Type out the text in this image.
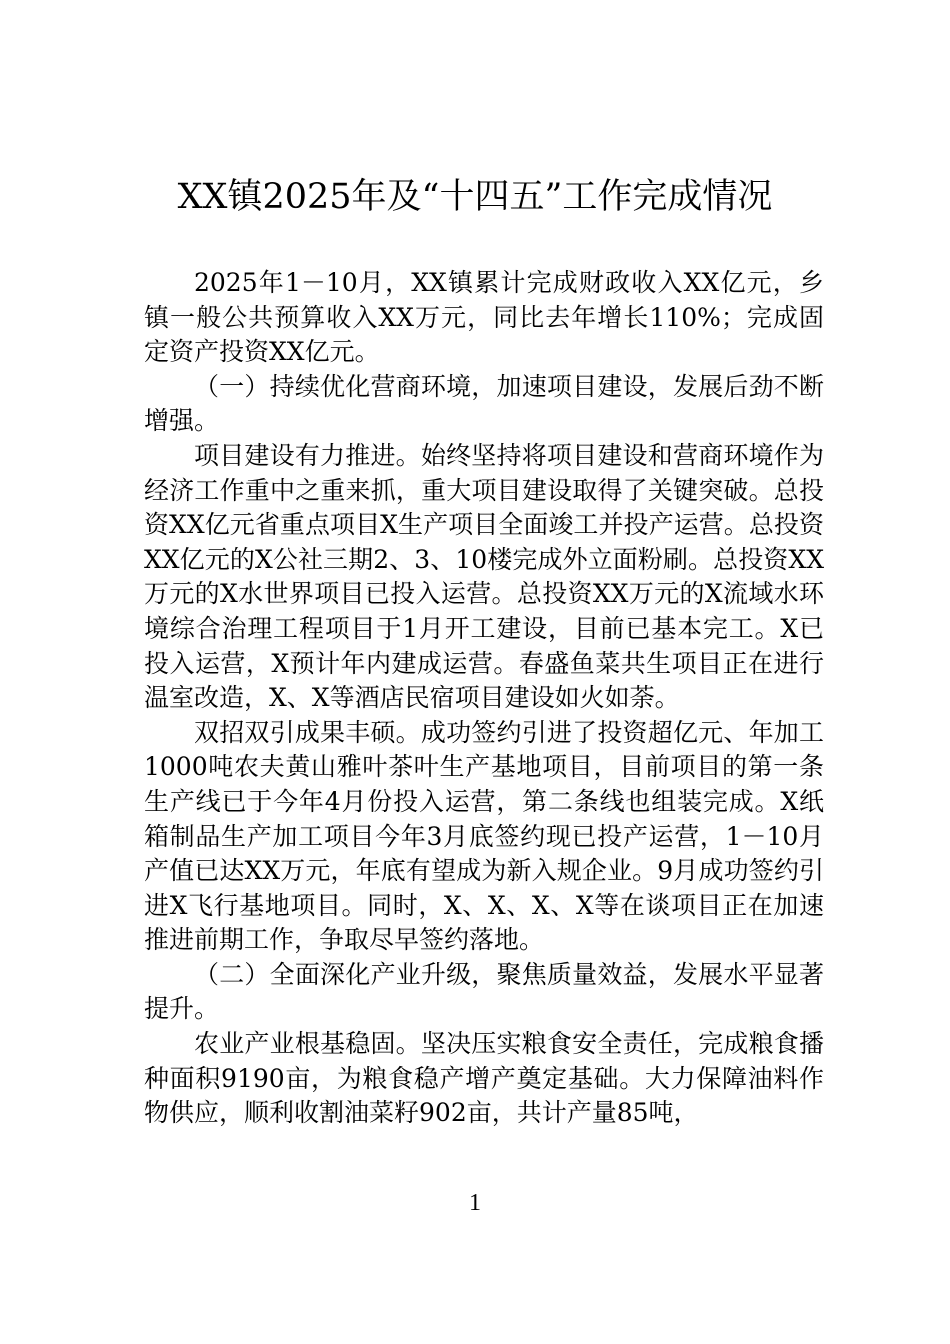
XX镇2025年及“十四五”工作完成情况

2025年1－10月，XX镇累计完成财政收入XX亿元，乡镇一般公共预算收入XX万元，同比去年增长110%；完成固定资产投资XX亿元。

（一）持续优化营商环境，加速项目建设，发展后劲不断增强。

项目建设有力推进。始终坚持将项目建设和营商环境作为经济工作重中之重来抓，重大项目建设取得了关键突破。总投资XX亿元省重点项目X生产项目全面竣工并投产运营。总投资XX亿元的X公社三期2、3、10楼完成外立面粉刷。总投资XX万元的X水世界项目已投入运营。总投资XX万元的X流域水环境综合治理工程项目于1月开工建设，目前已基本完工。X已投入运营，X预计年内建成运营。春盛鱼菜共生项目正在进行温室改造，X、X等酒店民宿项目建设如火如荼。

双招双引成果丰硕。成功签约引进了投资超亿元、年加工1000吨农夫黄山雅叶茶叶生产基地项目，目前项目的第一条生产线已于今年4月份投入运营，第二条线也组装完成。X纸箱制品生产加工项目今年3月底签约现已投产运营，1－10月产值已达XX万元，年底有望成为新入规企业。9月成功签约引进X飞行基地项目。同时，X、X、X、X等在谈项目正在加速推进前期工作，争取尽早签约落地。

（二）全面深化产业升级，聚焦质量效益，发展水平显著提升。

农业产业根基稳固。坚决压实粮食安全责任，完成粮食播种面积9190亩，为粮食稳产增产奠定基础。大力保障油料作物供应，顺利收割油菜籽902亩，共计产量85吨，

1
